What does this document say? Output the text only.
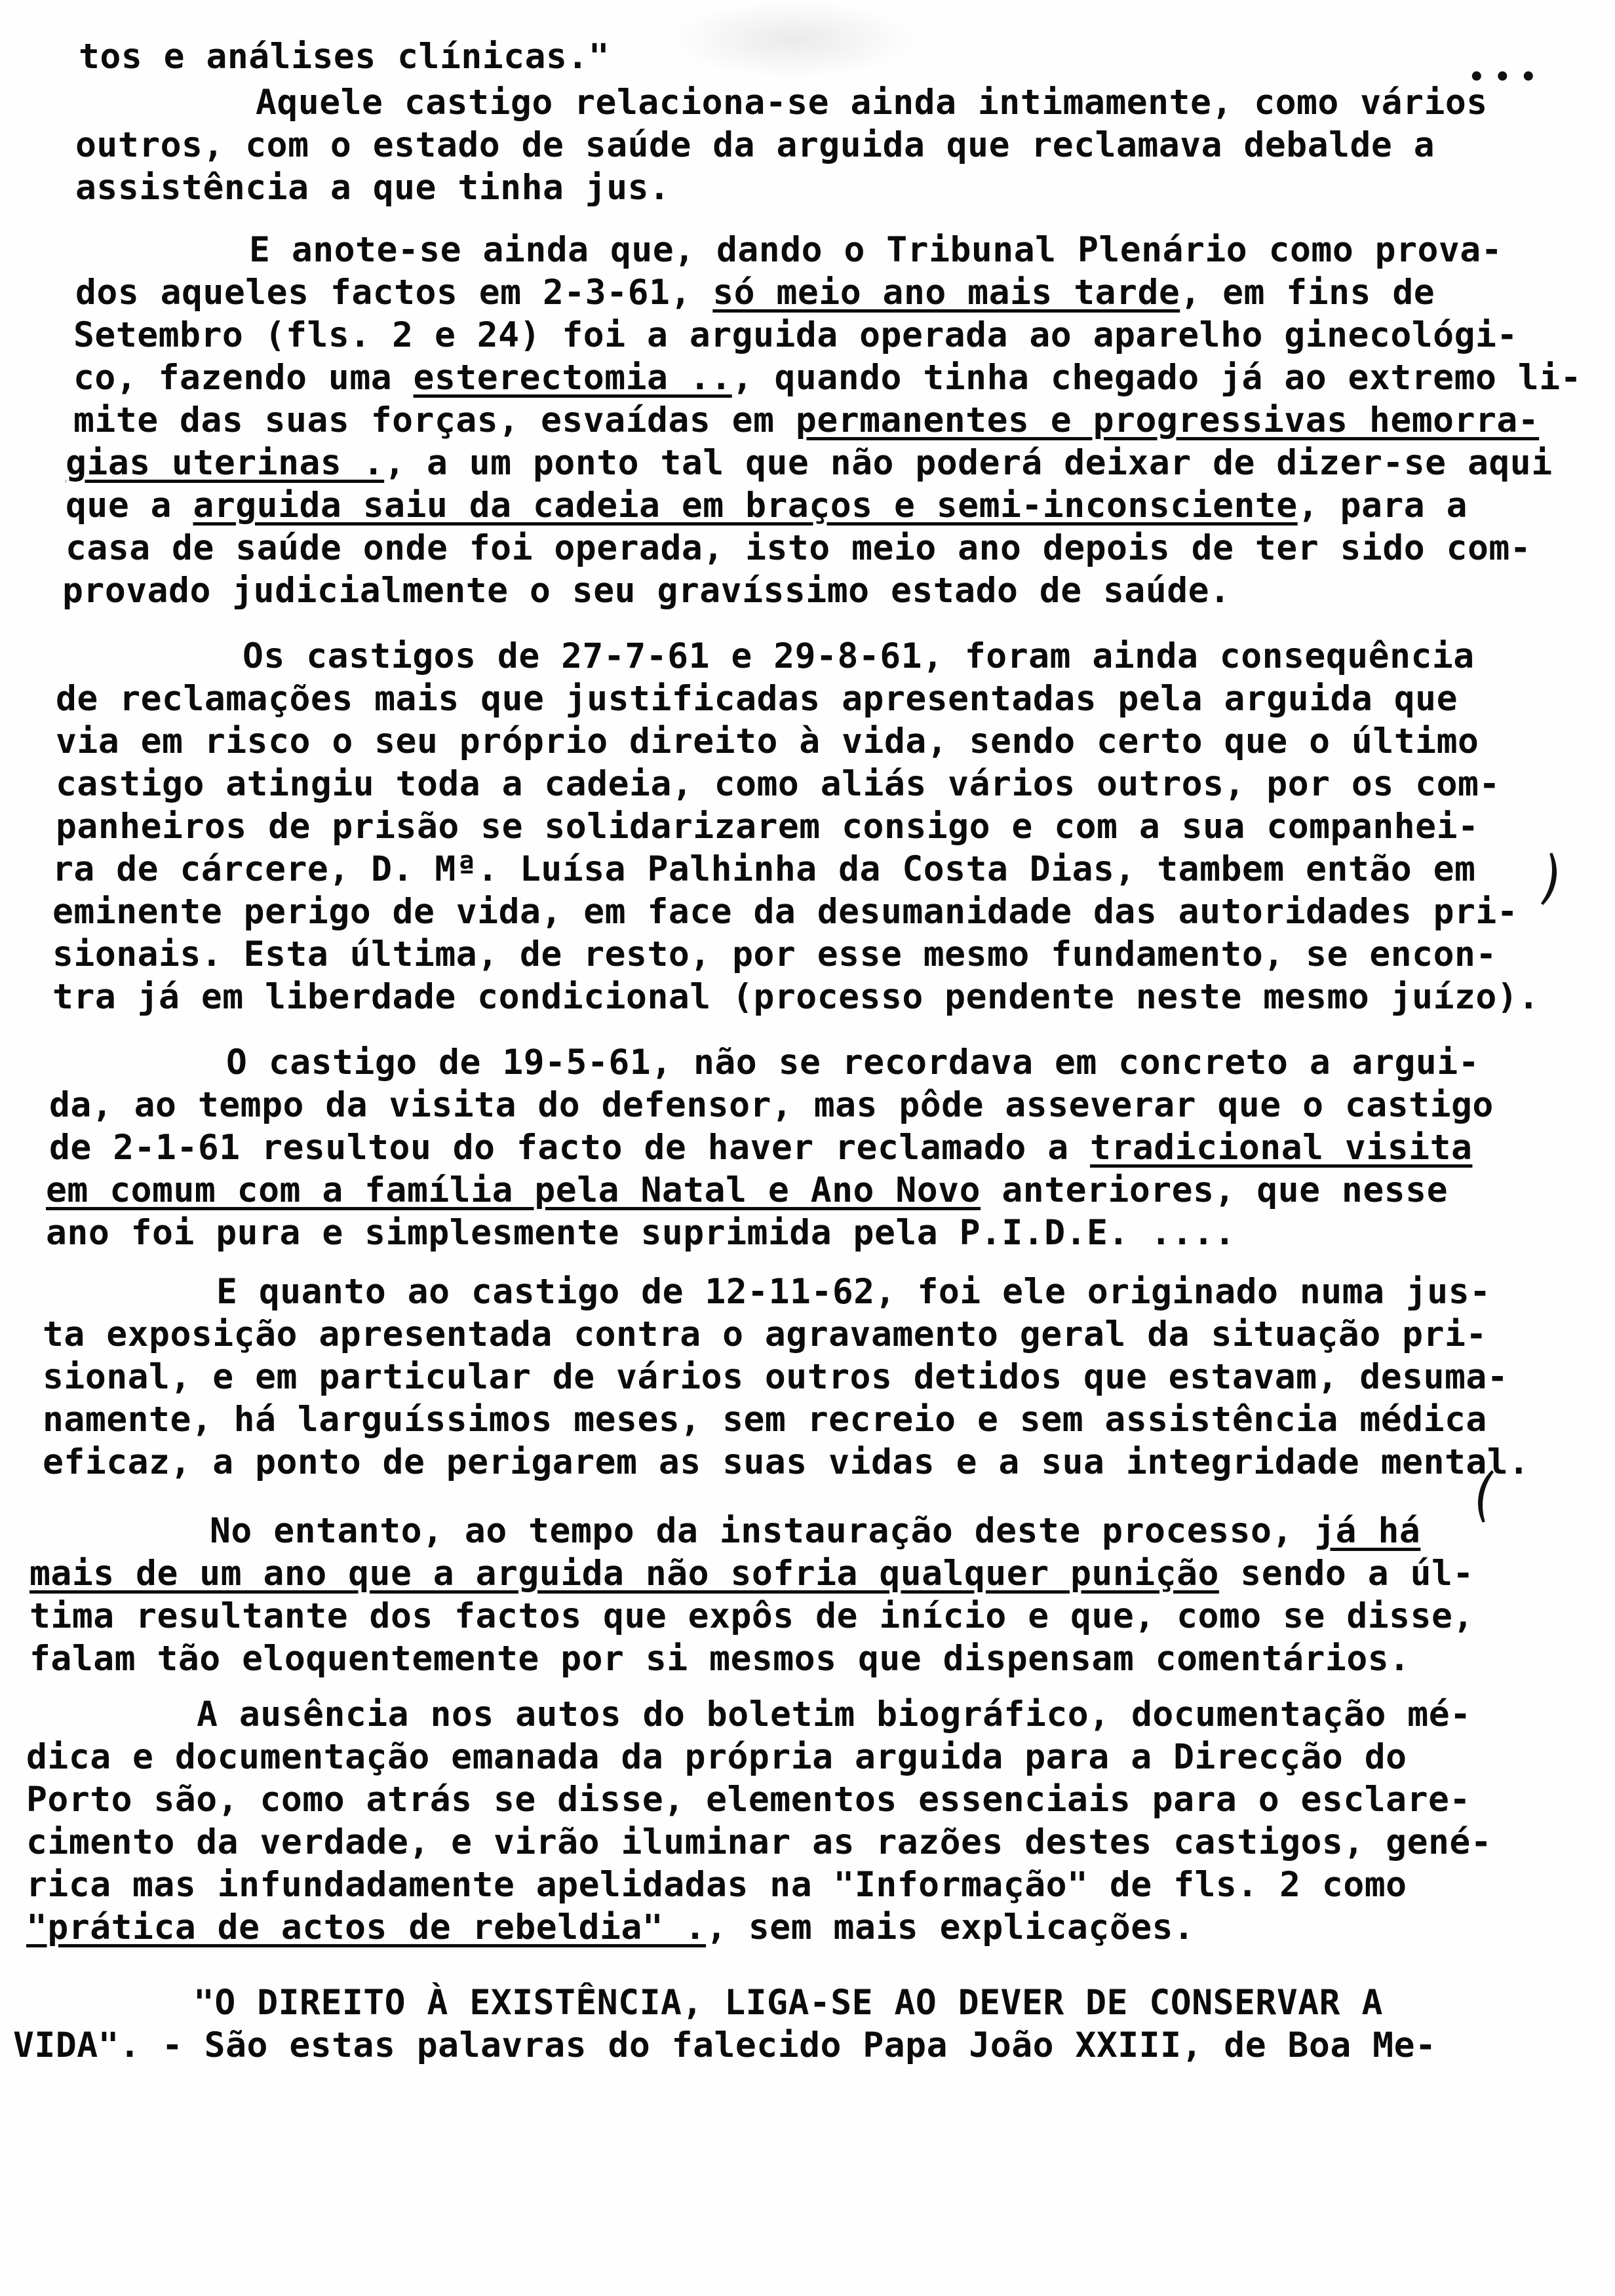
tos e análises clínicas."
Aquele castigo relaciona-se ainda intimamente, como vários
outros, com o estado de saúde da arguida que reclamava debalde a
assistência a que tinha jus.
E anote-se ainda que, dando o Tribunal Plenário como prova-
dos aqueles factos em 2-3-61, só meio ano mais tarde, em fins de
Setembro (fls. 2 e 24) foi a arguida operada ao aparelho ginecológi-
co, fazendo uma esterectomia .., quando tinha chegado já ao extremo li-
mite das suas forças, esvaídas em permanentes e progressivas hemorra-
gias uterinas ., a um ponto tal que não poderá deixar de dizer-se aqui
que a arguida saiu da cadeia em braços e semi-inconsciente, para a
casa de saúde onde foi operada, isto meio ano depois de ter sido com-
provado judicialmente o seu gravíssimo estado de saúde.
Os castigos de 27-7-61 e 29-8-61, foram ainda consequência
de reclamações mais que justificadas apresentadas pela arguida que
via em risco o seu próprio direito à vida, sendo certo que o último
castigo atingiu toda a cadeia, como aliás vários outros, por os com-
panheiros de prisão se solidarizarem consigo e com a sua companhei-
ra de cárcere, D. Mª. Luísa Palhinha da Costa Dias, tambem então em
eminente perigo de vida, em face da desumanidade das autoridades pri-
sionais. Esta última, de resto, por esse mesmo fundamento, se encon-
tra já em liberdade condicional (processo pendente neste mesmo juízo).
O castigo de 19-5-61, não se recordava em concreto a argui-
da, ao tempo da visita do defensor, mas pôde asseverar que o castigo
de 2-1-61 resultou do facto de haver reclamado a tradicional visita
em comum com a família pela Natal e Ano Novo anteriores, que nesse
ano foi pura e simplesmente suprimida pela P.I.D.E. ....
E quanto ao castigo de 12-11-62, foi ele originado numa jus-
ta exposição apresentada contra o agravamento geral da situação pri-
sional, e em particular de vários outros detidos que estavam, desuma-
namente, há larguíssimos meses, sem recreio e sem assistência médica
eficaz, a ponto de perigarem as suas vidas e a sua integridade mental.
No entanto, ao tempo da instauração deste processo, já há
mais de um ano que a arguida não sofria qualquer punição sendo a úl-
tima resultante dos factos que expôs de início e que, como se disse,
falam tão eloquentemente por si mesmos que dispensam comentários.
A ausência nos autos do boletim biográfico, documentação mé-
dica e documentação emanada da própria arguida para a Direcção do
Porto são, como atrás se disse, elementos essenciais para o esclare-
cimento da verdade, e virão iluminar as razões destes castigos, gené-
rica mas infundadamente apelidadas na "Informação" de fls. 2 como
"prática de actos de rebeldia" ., sem mais explicações.
"O DIREITO À EXISTÊNCIA, LIGA-SE AO DEVER DE CONSERVAR A
VIDA". - São estas palavras do falecido Papa João XXIII, de Boa Me-
• • •
⌒
⌒
